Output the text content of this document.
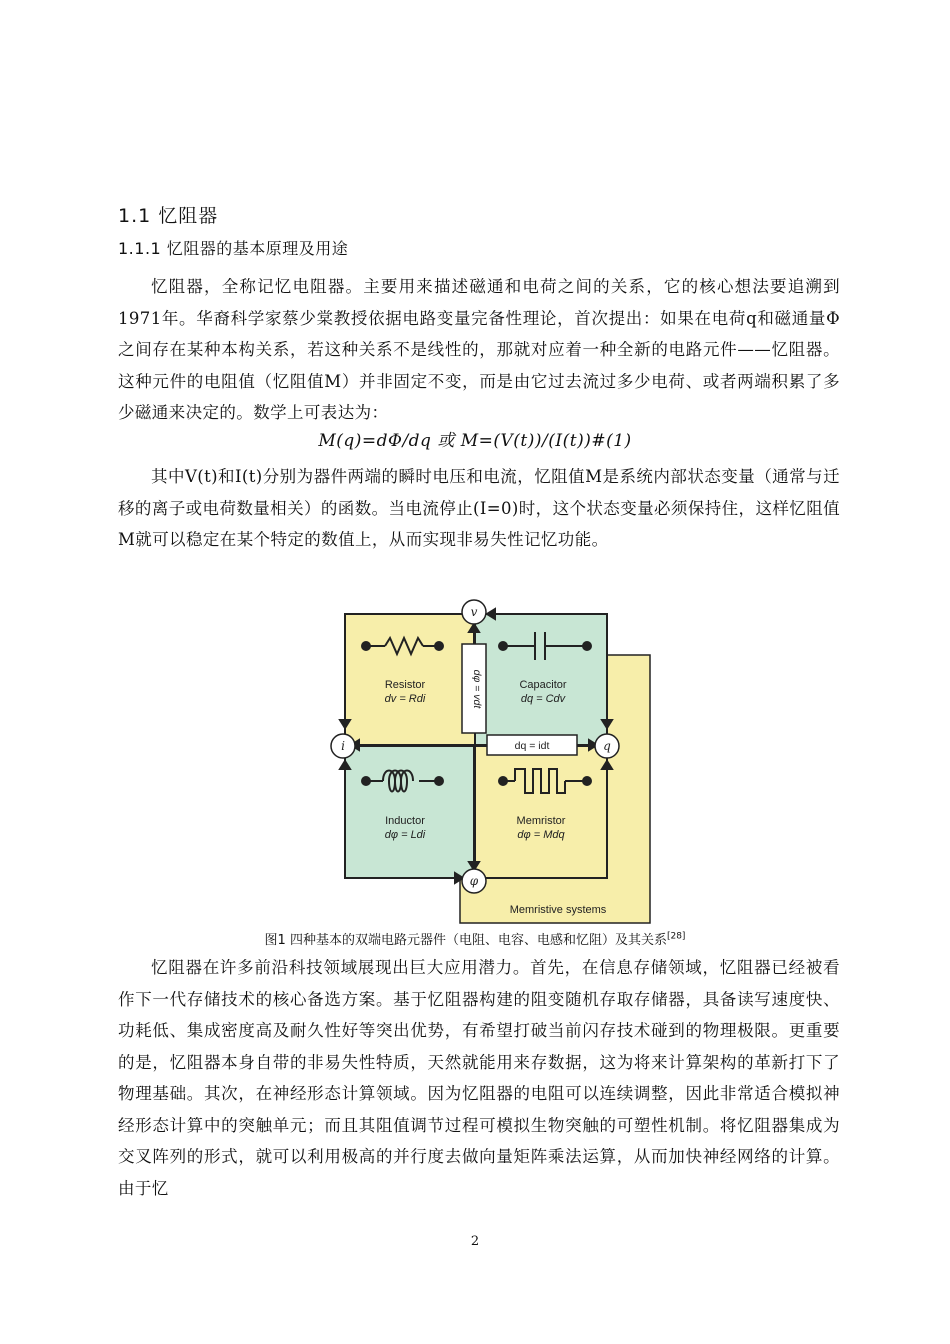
1.1 忆阻器
1.1.1 忆阻器的基本原理及用途

忆阻器，全称记忆电阻器。主要用来描述磁通和电荷之间的关系，它的核心想法要追溯到1971年。华裔科学家蔡少棠教授依据电路变量完备性理论，首次提出：如果在电荷q和磁通量Φ之间存在某种本构关系，若这种关系不是线性的，那就对应着一种全新的电路元件——忆阻器。这种元件的电阻值（忆阻值M）并非固定不变，而是由它过去流过多少电荷、或者两端积累了多少磁通来决定的。数学上可表达为：

M(q)=dΦ/dq 或 M=(V(t))/(I(t))#(1)

其中V(t)和I(t)分别为器件两端的瞬时电压和电流，忆阻值M是系统内部状态变量（通常与迁移的离子或电荷数量相关）的函数。当电流停止(I=0)时，这个状态变量必须保持住，这样忆阻值M就可以稳定在某个特定的数值上，从而实现非易失性记忆功能。

Resistor
dv = Rdi
Capacitor
dq = Cdv
Inductor
dφ = Ldi
Memristor
dφ = Mdq
dφ = vdt
dq = idt
v
i	q
φ
Memristive systems
图1 四种基本的双端电路元器件（电阻、电容、电感和忆阻）及其关系[28]

忆阻器在许多前沿科技领域展现出巨大应用潜力。首先，在信息存储领域，忆阻器已经被看作下一代存储技术的核心备选方案。基于忆阻器构建的阻变随机存取存储器，具备读写速度快、功耗低、集成密度高及耐久性好等突出优势，有希望打破当前闪存技术碰到的物理极限。更重要的是，忆阻器本身自带的非易失性特质，天然就能用来存数据，这为将来计算架构的革新打下了物理基础。其次，在神经形态计算领域。因为忆阻器的电阻可以连续调整，因此非常适合模拟神经形态计算中的突触单元；而且其阻值调节过程可模拟生物突触的可塑性机制。将忆阻器集成为交叉阵列的形式，就可以利用极高的并行度去做向量矩阵乘法运算，从而加快神经网络的计算。由于忆

2
